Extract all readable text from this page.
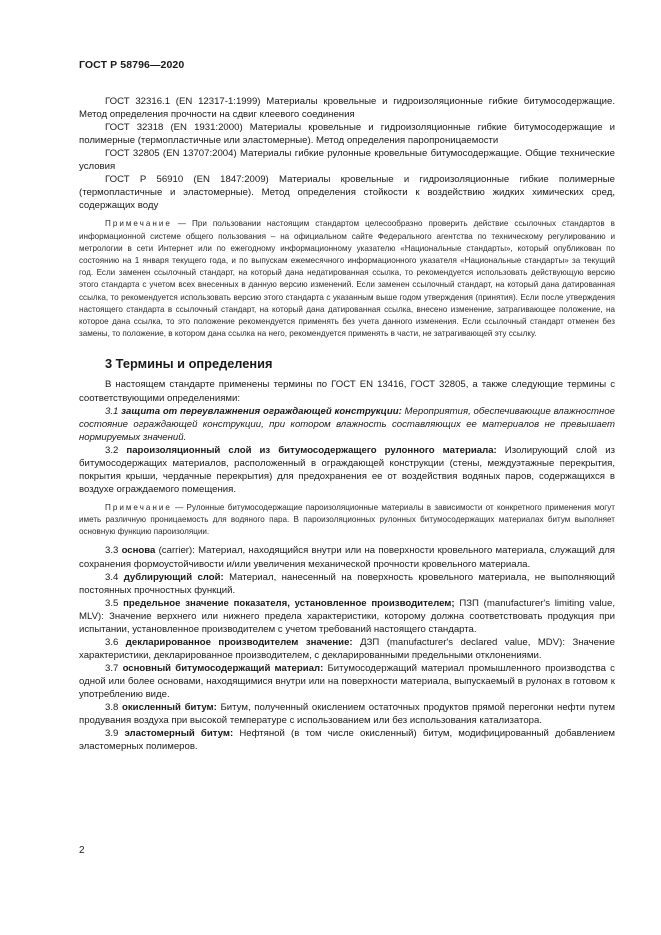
ГОСТ Р 58796—2020

ГОСТ 32316.1 (EN 12317-1:1999) Материалы кровельные и гидроизоляционные гибкие битумосодержащие. Метод определения прочности на сдвиг клеевого соединения

ГОСТ 32318 (EN 1931:2000) Материалы кровельные и гидроизоляционные гибкие битумосодержащие и полимерные (термопластичные или эластомерные). Метод определения паропроницаемости

ГОСТ 32805 (EN 13707:2004) Материалы гибкие рулонные кровельные битумосодержащие. Общие технические условия

ГОСТ Р 56910 (EN 1847:2009) Материалы кровельные и гидроизоляционные гибкие полимерные (термопластичные и эластомерные). Метод определения стойкости к воздействию жидких химических сред, содержащих воду

Примечание — При пользовании настоящим стандартом целесообразно проверить действие ссылочных стандартов в информационной системе общего пользования – на официальном сайте Федерального агентства по техническому регулированию и метрологии в сети Интернет или по ежегодному информационному указателю «Национальные стандарты», который опубликован по состоянию на 1 января текущего года, и по выпускам ежемесячного информационного указателя «Национальные стандарты» за текущий год. Если заменен ссылочный стандарт, на который дана недатированная ссылка, то рекомендуется использовать действующую версию этого стандарта с учетом всех внесенных в данную версию изменений. Если заменен ссылочный стандарт, на который дана датированная ссылка, то рекомендуется использовать версию этого стандарта с указанным выше годом утверждения (принятия). Если после утверждения настоящего стандарта в ссылочный стандарт, на который дана датированная ссылка, внесено изменение, затрагивающее положение, на которое дана ссылка, то это положение рекомендуется применять без учета данного изменения. Если ссылочный стандарт отменен без замены, то положение, в котором дана ссылка на него, рекомендуется применять в части, не затрагивающей эту ссылку.

3 Термины и определения

В настоящем стандарте применены термины по ГОСТ EN 13416, ГОСТ 32805, а также следующие термины с соответствующими определениями:

3.1 защита от переувлажнения ограждающей конструкции: Мероприятия, обеспечивающие влажностное состояние ограждающей конструкции, при котором влажность составляющих ее материалов не превышает нормируемых значений.

3.2 пароизоляционный слой из битумосодержащего рулонного материала: Изолирующий слой из битумосодержащих материалов, расположенный в ограждающей конструкции (стены, междуэтажные перекрытия, покрытия крыши, чердачные перекрытия) для предохранения ее от воздействия водяных паров, содержащихся в воздухе ограждаемого помещения.

Примечание — Рулонные битумосодержащие пароизоляционные материалы в зависимости от конкретного применения могут иметь различную проницаемость для водяного пара. В пароизоляционных рулонных битумосодержащих материалах битум выполняет основную функцию пароизоляции.

3.3 основа (carrier): Материал, находящийся внутри или на поверхности кровельного материала, служащий для сохранения формоустойчивости и/или увеличения механической прочности кровельного материала.

3.4 дублирующий слой: Материал, нанесенный на поверхность кровельного материала, не выполняющий постоянных прочностных функций.

3.5 предельное значение показателя, установленное производителем; ПЗП (manufacturer's limiting value, MLV): Значение верхнего или нижнего предела характеристики, которому должна соответствовать продукция при испытании, установленное производителем с учетом требований настоящего стандарта.

3.6 декларированное производителем значение: ДЗП (manufacturer's declared value, MDV): Значение характеристики, декларированное производителем, с декларированными предельными отклонениями.

3.7 основный битумосодержащий материал: Битумосодержащий материал промышленного производства с одной или более основами, находящимися внутри или на поверхности материала, выпускаемый в рулонах в готовом к употреблению виде.

3.8 окисленный битум: Битум, полученный окислением остаточных продуктов прямой перегонки нефти путем продувания воздуха при высокой температуре с использованием или без использования катализатора.

3.9 эластомерный битум: Нефтяной (в том числе окисленный) битум, модифицированный добавлением эластомерных полимеров.

2
